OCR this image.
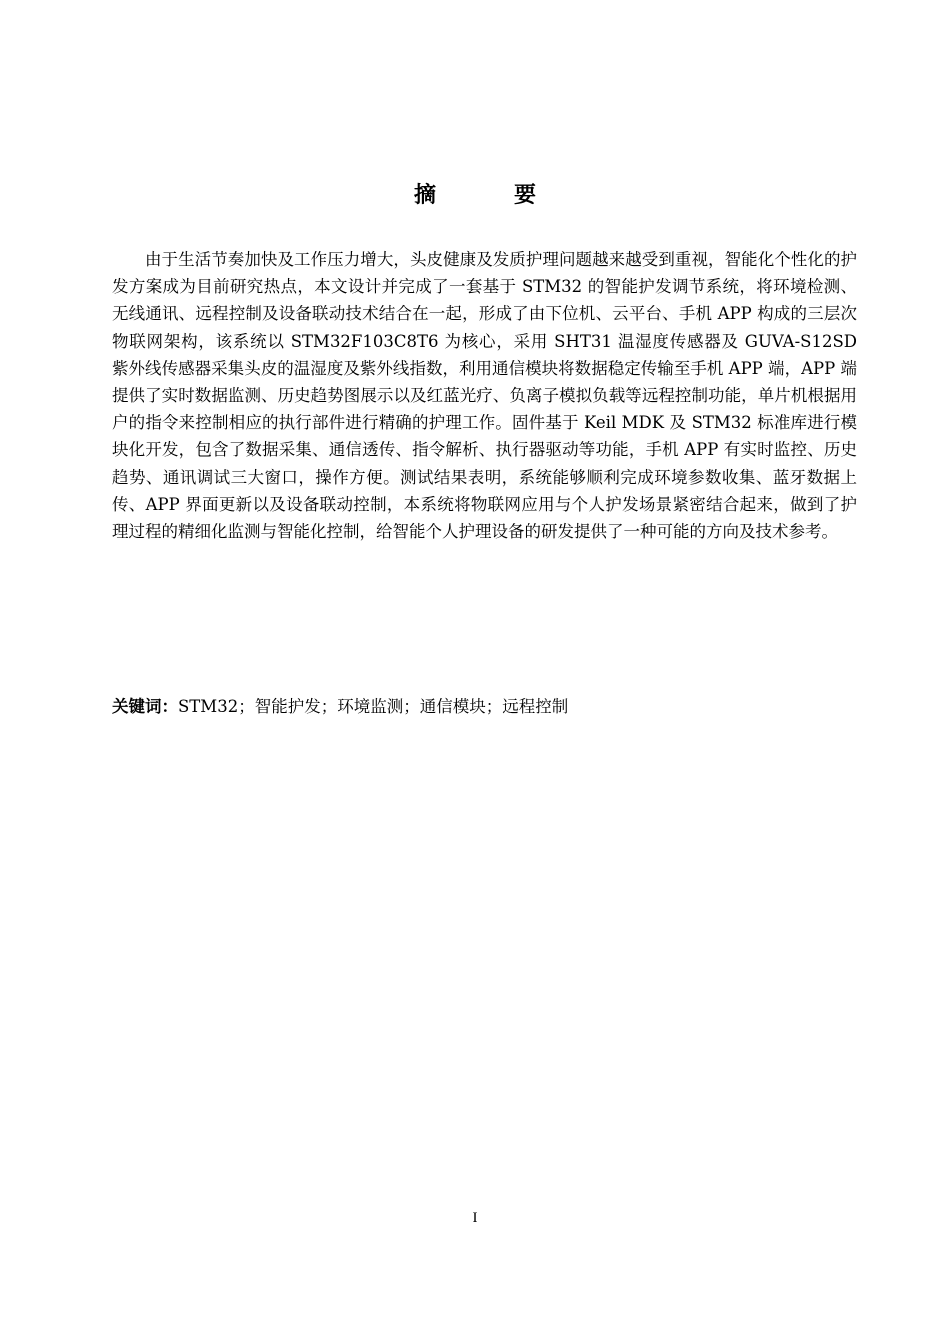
摘　要

由于生活节奏加快及工作压力增大，头皮健康及发质护理问题越来越受到重视，智能化个性化的护发方案成为目前研究热点，本文设计并完成了一套基于 STM32 的智能护发调节系统，将环境检测、无线通讯、远程控制及设备联动技术结合在一起，形成了由下位机、云平台、手机 APP 构成的三层次物联网架构，该系统以 STM32F103C8T6 为核心，采用 SHT31 温湿度传感器及 GUVA-S12SD 紫外线传感器采集头皮的温湿度及紫外线指数，利用通信模块将数据稳定传输至手机 APP 端，APP 端提供了实时数据监测、历史趋势图展示以及红蓝光疗、负离子模拟负载等远程控制功能，单片机根据用户的指令来控制相应的执行部件进行精确的护理工作。固件基于 Keil MDK 及 STM32 标准库进行模块化开发，包含了数据采集、通信透传、指令解析、执行器驱动等功能，手机 APP 有实时监控、历史趋势、通讯调试三大窗口，操作方便。测试结果表明，系统能够顺利完成环境参数收集、蓝牙数据上传、APP 界面更新以及设备联动控制，本系统将物联网应用与个人护发场景紧密结合起来，做到了护理过程的精细化监测与智能化控制，给智能个人护理设备的研发提供了一种可能的方向及技术参考。

关键词：STM32；智能护发；环境监测；通信模块；远程控制
I
